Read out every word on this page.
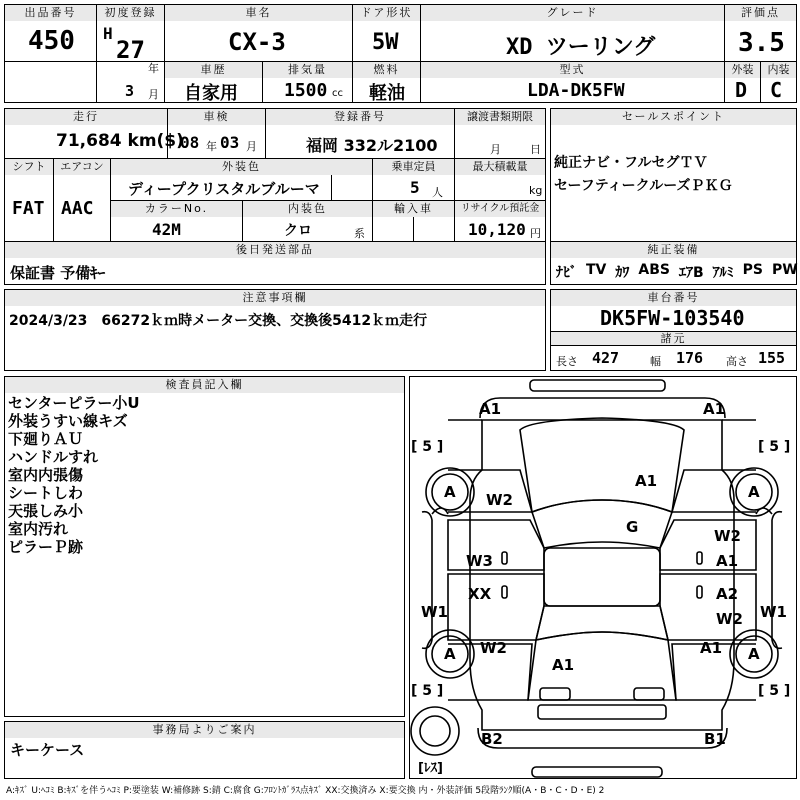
出品番号
450
初度登録
H
27
年
3 月
車名
CX-3
ドア形状
5W
グレード
XD ツーリング
評価点
3.5
車歴
自家用
排気量
1500 cc
燃料
軽油
型式
LDA-DK5FW
外装	内装
D C
走行
71,684 km($)
車検
08 年 03 月
登録番号
福岡 332ル2100
譲渡書類期限
月	日
シフト
FAT
エアコン
AAC
外装色
ディープクリスタルブルーマ
乗車定員
5 人
最大積載量
kg
カラーNo.
42M
内装色
クロ	系
輸入車	リサイクル預託金
10,120 円
後日発送部品
保証書 予備ｷｰ
セールスポイント
純正ナビ・フルセグＴＶ
セーフティークルーズＰＫＧ
純正装備
ﾅﾋﾞ TV ｶﾜ ABS ｴｱB ｱﾙﾐ PS PW
注意事項欄
2024/3/23　66272ｋｍ時メーター交換、交換後5412ｋｍ走行
車台番号
DK5FW-103540
諸元
長さ 427	幅 176 高さ 155
検査員記入欄
センターピラー小U
外装うすい線キズ
下廻りＡＵ
ハンドルすれ
室内内張傷
シートしわ
天張しみ小
室内汚れ
ピラーＰ跡
事務局よりご案内
キーケース
A1	A1
A1
W2
G	W2
A1
W3
XX	A2
W2
W1	W1
W2	A1
A1
B2	B1
A	A
A	A
[ 5 ]	[ 5 ]
[ 5 ]	[ 5 ]
[ﾚｽ]
A:ｷｽﾞ U:ﾍｺﾐ B:ｷｽﾞを伴うﾍｺﾐ P:要塗装 W:補修跡 S:錆 C:腐食 G:ﾌﾛﾝﾄｶﾞﾗｽ点ｷｽﾞ XX:交換済み X:要交換 内・外装評価 5段階ﾗﾝｸ順(A・B・C・D・E) 2
